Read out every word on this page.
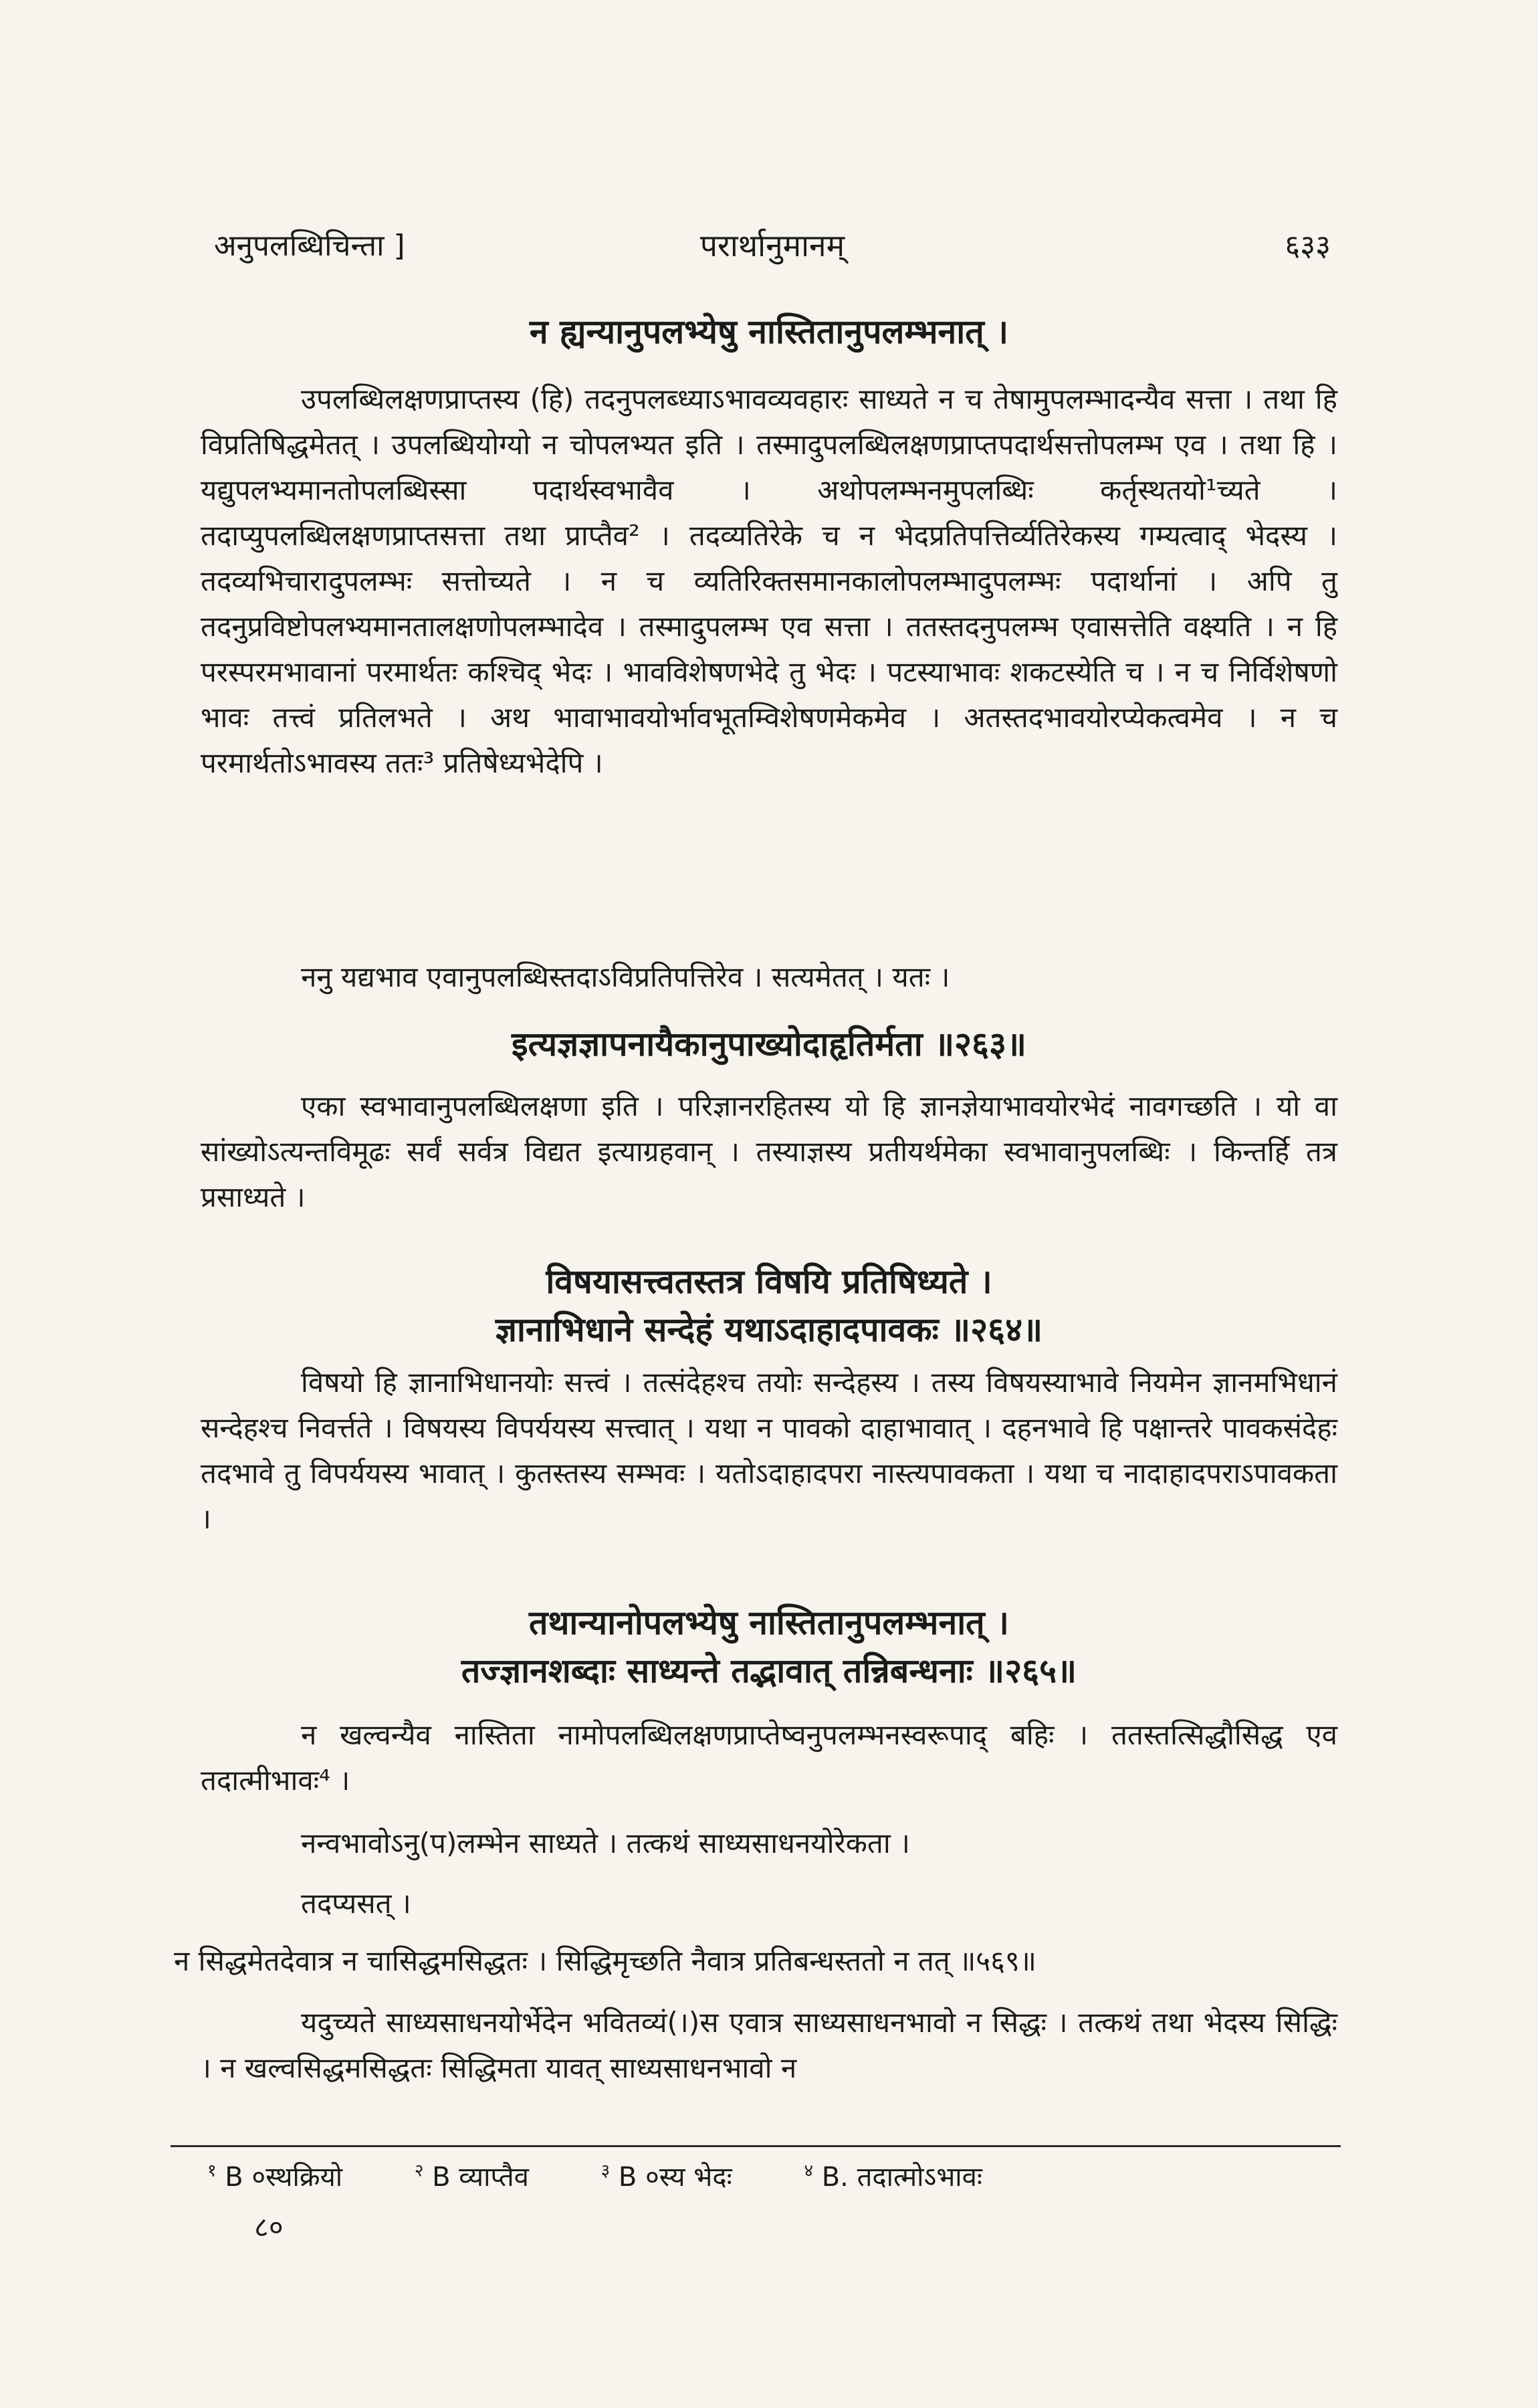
अनुपलब्धिचिन्ता ]	परार्थानुमानम्	६३३
न ह्यन्यानुपलभ्येषु नास्तितानुपलम्भनात् ।
उपलब्धिलक्षणप्राप्तस्य (हि) तदनुपलब्ध्याऽभावव्यवहारः साध्यते न च तेषामुपलम्भादन्यैव सत्ता । तथा हि विप्रतिषिद्धमेतत् । उपलब्धियोग्यो न चोपलभ्यत इति । तस्मादुपलब्धिलक्षणप्राप्तपदार्थसत्तोपलम्भ एव । तथा हि । यद्युपलभ्यमानतोपलब्धिस्सा पदार्थस्वभावैव । अथोपलम्भनमुपलब्धिः कर्तृस्थतयो¹च्यते । तदाप्युपलब्धिलक्षणप्राप्तसत्ता तथा प्राप्तैव² । तदव्यतिरेके च न भेदप्रतिपत्तिर्व्यतिरेकस्य गम्यत्वाद् भेदस्य । तदव्यभिचारादुपलम्भः सत्तोच्यते । न च व्यतिरिक्तसमानकालोपलम्भादुपलम्भः पदार्थानां । अपि तु तदनुप्रविष्टोपलभ्यमानतालक्षणोपलम्भादेव । तस्मादुपलम्भ एव सत्ता । ततस्तदनुपलम्भ एवासत्तेति वक्ष्यति । न हि परस्परमभावानां परमार्थतः कश्चिद् भेदः । भावविशेषणभेदे तु भेदः । पटस्याभावः शकटस्येति च । न च निर्विशेषणो भावः तत्त्वं प्रतिलभते । अथ भावाभावयोर्भावभूतम्विशेषणमेकमेव । अतस्तदभावयोरप्येकत्वमेव । न च परमार्थतोऽभावस्य ततः³ प्रतिषेध्यभेदेपि ।
ननु यद्यभाव एवानुपलब्धिस्तदाऽविप्रतिपत्तिरेव । सत्यमेतत् । यतः ।
इत्यज्ञज्ञापनायैकानुपाख्योदाहृतिर्मता ॥२६३॥
एका स्वभावानुपलब्धिलक्षणा इति । परिज्ञानरहितस्य यो हि ज्ञानज्ञेयाभावयोरभेदं नावगच्छति । यो वा सांख्योऽत्यन्तविमूढः सर्वं सर्वत्र विद्यत इत्याग्रहवान् । तस्याज्ञस्य प्रतीयर्थमेका स्वभावानुपलब्धिः । किन्तर्हि तत्र प्रसाध्यते ।
विषयासत्त्वतस्तत्र विषयि प्रतिषिध्यते ।
ज्ञानाभिधाने सन्देहं यथाऽदाहादपावकः ॥२६४॥
विषयो हि ज्ञानाभिधानयोः सत्त्वं । तत्संदेहश्च तयोः सन्देहस्य । तस्य विषयस्याभावे नियमेन ज्ञानमभिधानं सन्देहश्च निवर्त्तते । विषयस्य विपर्ययस्य सत्त्वात् । यथा न पावको दाहाभावात् । दहनभावे हि पक्षान्तरे पावकसंदेहः तदभावे तु विपर्ययस्य भावात् । कुतस्तस्य सम्भवः । यतोऽदाहादपरा नास्त्यपावकता । यथा च नादाहादपराऽपावकता ।
तथान्यानोपलभ्येषु नास्तितानुपलम्भनात् ।
तज्ज्ञानशब्दाः साध्यन्ते तद्भावात् तन्निबन्धनाः ॥२६५॥
न खल्वन्यैव नास्तिता नामोपलब्धिलक्षणप्राप्तेष्वनुपलम्भनस्वरूपाद् बहिः । ततस्तत्सिद्धौसिद्ध एव तदात्मीभावः⁴ ।
नन्वभावोऽनु(प)लम्भेन साध्यते । तत्कथं साध्यसाधनयोरेकता ।
तदप्यसत् ।
न सिद्धमेतदेवात्र न चासिद्धमसिद्धतः । सिद्धिमृच्छति नैवात्र प्रतिबन्धस्ततो न तत् ॥५६९॥
यदुच्यते साध्यसाधनयोर्भेदेन भवितव्यं(।)स एवात्र साध्यसाधनभावो न सिद्धः । तत्कथं तथा भेदस्य सिद्धिः । न खल्वसिद्धमसिद्धतः सिद्धिमता यावत् साध्यसाधनभावो न
$^१$ B ०स्थक्रियो	$^२$ B व्याप्तैव	$^३$ B ०स्य भेदः	$^४$ B. तदात्मोऽभावः
८०
